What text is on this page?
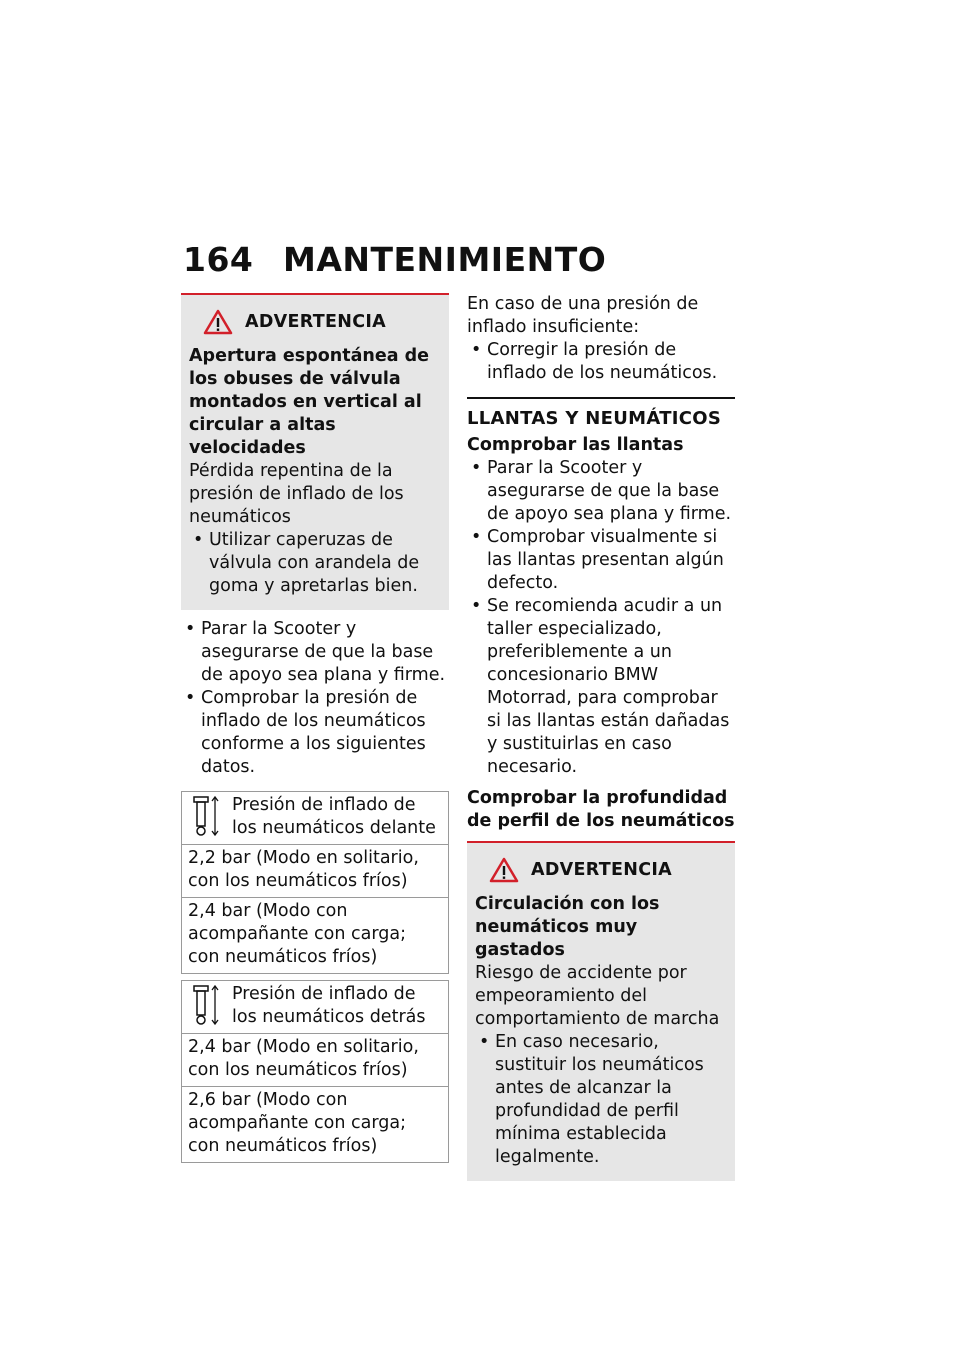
164 MANTENIMIENTO
ADVERTENCIA

Apertura espontánea de los obuses de válvula montados en vertical al circular a altas velocidades

Pérdida repentina de la presión de inflado de los neumáticos

• Utilizar caperuzas de válvula con arandela de goma y apretarlas bien.
• Parar la Scooter y asegurarse de que la base de apoyo sea plana y firme.
• Comprobar la presión de inflado de los neumáticos conforme a los siguientes datos.
Presión de inflado de los neumáticos delante

2,2 bar (Modo en solitario, con los neumáticos fríos)
2,4 bar (Modo con acompañante con carga; con neumáticos fríos)
Presión de inflado de los neumáticos detrás

2,4 bar (Modo en solitario, con los neumáticos fríos)
2,6 bar (Modo con acompañante con carga; con neumáticos fríos)

En caso de una presión de inflado insuficiente:

• Corregir la presión de inflado de los neumáticos.
LLANTAS Y NEUMÁTICOS
Comprobar las llantas
• Parar la Scooter y asegurarse de que la base de apoyo sea plana y firme.
• Comprobar visualmente si las llantas presentan algún defecto.
• Se recomienda acudir a un taller especializado, preferiblemente a un concesionario BMW Motorrad, para comprobar si las llantas están dañadas y sustituirlas en caso necesario.
Comprobar la profundidad de perfil de los neumáticos
ADVERTENCIA

Circulación con los neumáticos muy gastados

Riesgo de accidente por empeoramiento del comportamiento de marcha

• En caso necesario, sustituir los neumáticos antes de alcanzar la profundidad de perfil mínima establecida legalmente.
